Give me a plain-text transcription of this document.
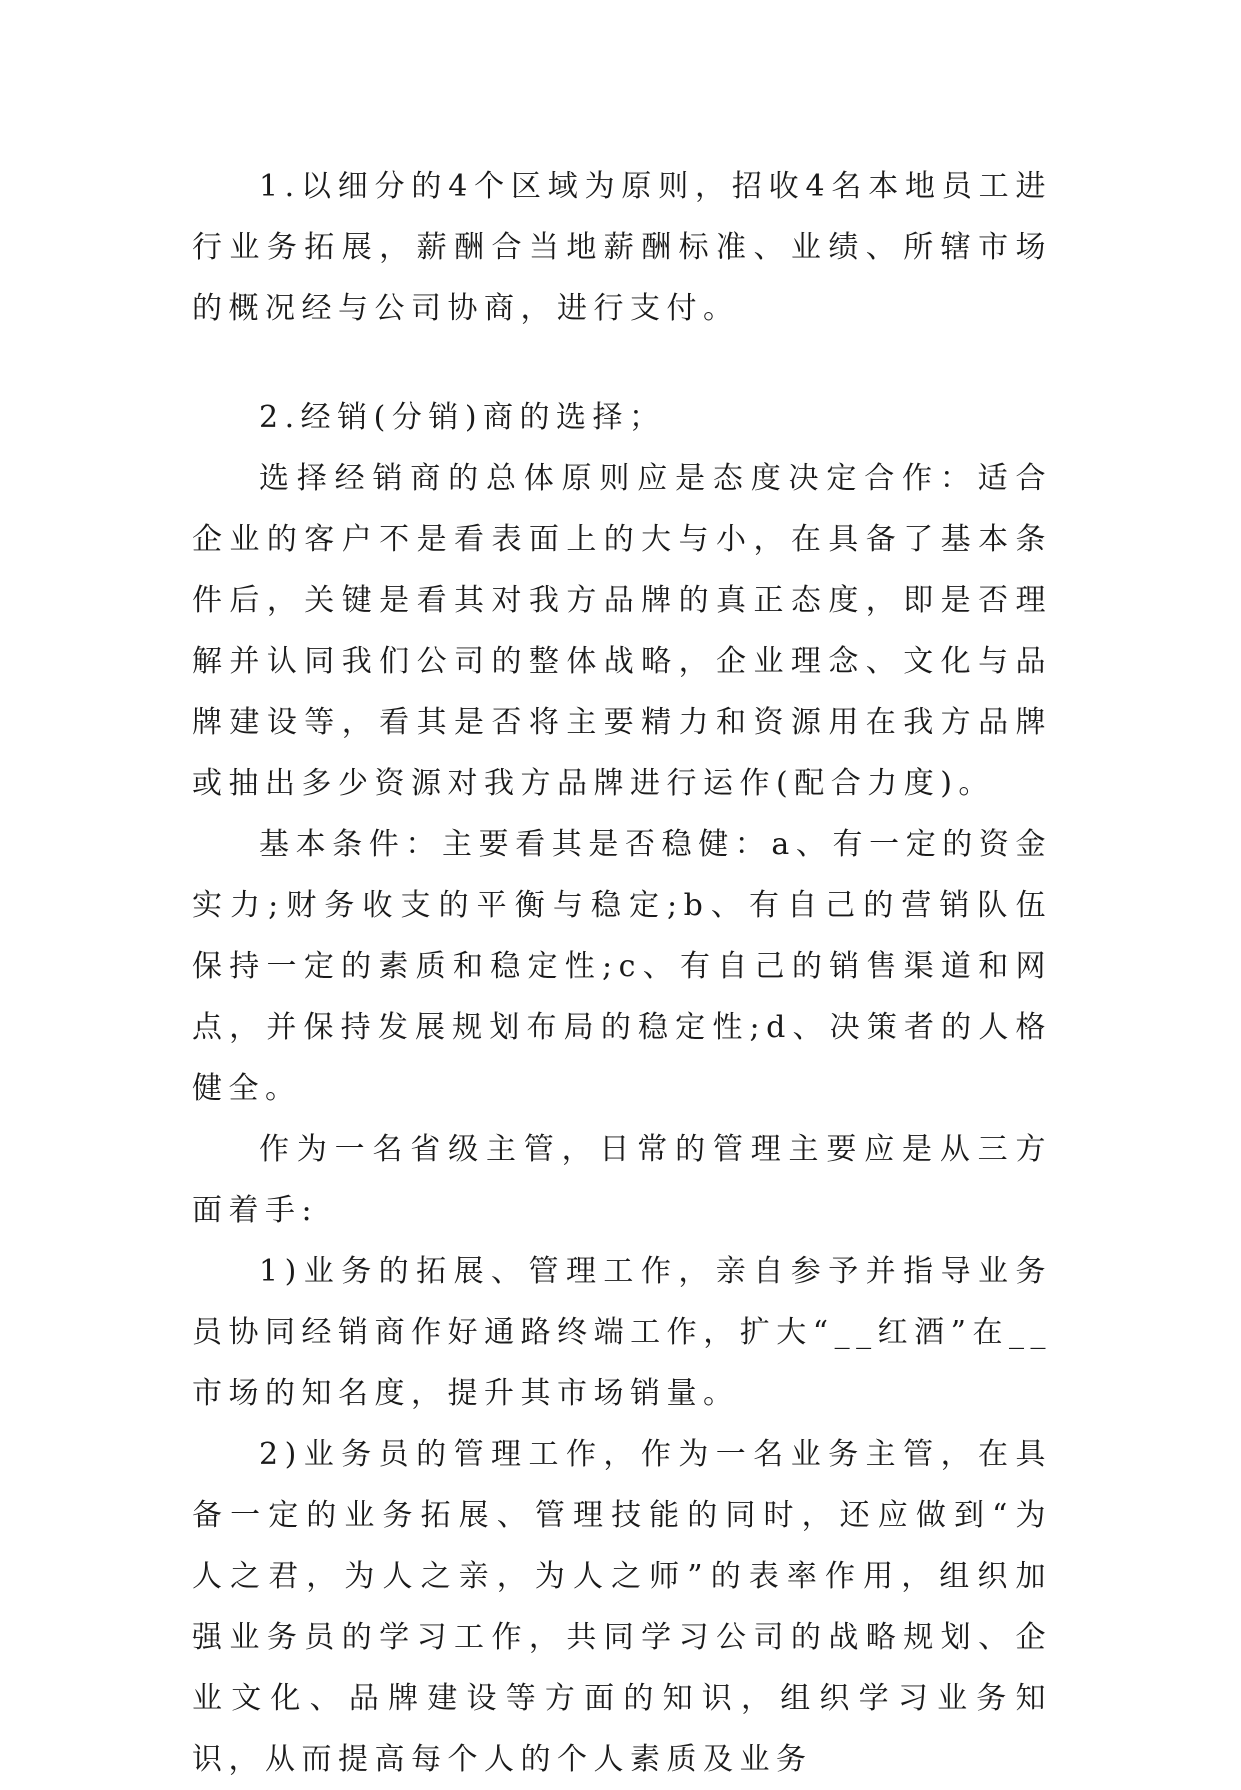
1.以细分的4个区域为原则，招收4名本地员工进行业务拓展，薪酬合当地薪酬标准、业绩、所辖市场的概况经与公司协商，进行支付。

2.经销(分销)商的选择；

选择经销商的总体原则应是态度决定合作：适合企业的客户不是看表面上的大与小，在具备了基本条件后，关键是看其对我方品牌的真正态度，即是否理解并认同我们公司的整体战略，企业理念、文化与品牌建设等，看其是否将主要精力和资源用在我方品牌或抽出多少资源对我方品牌进行运作(配合力度)。

基本条件：主要看其是否稳健：a、有一定的资金实力;财务收支的平衡与稳定;b、有自己的营销队伍保持一定的素质和稳定性;c、有自己的销售渠道和网点，并保持发展规划布局的稳定性;d、决策者的人格健全。

作为一名省级主管，日常的管理主要应是从三方面着手:

1)业务的拓展、管理工作，亲自参予并指导业务员协同经销商作好通路终端工作，扩大“__红酒”在__市场的知名度，提升其市场销量。

2)业务员的管理工作，作为一名业务主管，在具备一定的业务拓展、管理技能的同时，还应做到“为人之君，为人之亲，为人之师”的表率作用，组织加强业务员的学习工作，共同学习公司的战略规划、企业文化、品牌建设等方面的知识，组织学习业务知识，从而提高每个人的个人素质及业务
